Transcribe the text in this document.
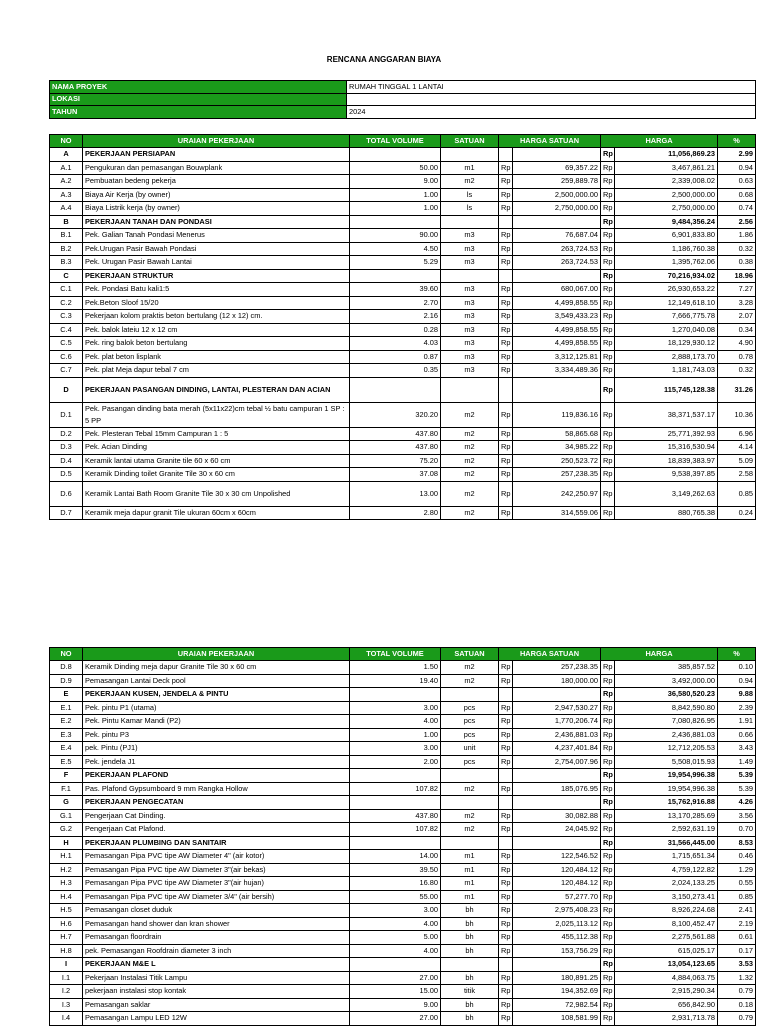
RENCANA ANGGARAN BIAYA
NAMA PROYEK	RUMAH TINGGAL 1 LANTAI
LOKASI	
TAHUN	2024
NO	URAIAN PEKERJAAN	TOTAL VOLUME	SATUAN	HARGA SATUAN		HARGA		%
A	PEKERJAAN PERSIAPAN					Rp	11,056,869.23	2.99
A.1	Pengukuran dan pemasangan Bouwplank	50.00	m1	Rp	69,357.22	Rp	3,467,861.21	0.94
A.2	Pembuatan bedeng pekerja	9.00	m2	Rp	259,889.78	Rp	2,339,008.02	0.63
A.3	Biaya Air Kerja (by owner)	1.00	ls	Rp	2,500,000.00	Rp	2,500,000.00	0.68
A.4	Biaya Listrik kerja (by owner)	1.00	ls	Rp	2,750,000.00	Rp	2,750,000.00	0.74
B	PEKERJAAN TANAH DAN PONDASI					Rp	9,484,356.24	2.56
B.1	Pek. Galian Tanah Pondasi Menerus	90.00	m3	Rp	76,687.04	Rp	6,901,833.80	1.86
B.2	Pek.Urugan Pasir Bawah Pondasi	4.50	m3	Rp	263,724.53	Rp	1,186,760.38	0.32
B.3	Pek. Urugan Pasir Bawah Lantai	5.29	m3	Rp	263,724.53	Rp	1,395,762.06	0.38
C	PEKERJAAN STRUKTUR					Rp	70,216,934.02	18.96
C.1	Pek. Pondasi Batu kali1:5	39.60	m3	Rp	680,067.00	Rp	26,930,653.22	7.27
C.2	Pek.Beton Sloof 15/20	2.70	m3	Rp	4,499,858.55	Rp	12,149,618.10	3.28
C.3	Pekerjaan kolom praktis beton bertulang (12 x 12) cm.	2.16	m3	Rp	3,549,433.23	Rp	7,666,775.78	2.07
C.4	Pek. balok lateiu 12 x 12 cm	0.28	m3	Rp	4,499,858.55	Rp	1,270,040.08	0.34
C.5	Pek. ring balok beton bertulang	4.03	m3	Rp	4,499,858.55	Rp	18,129,930.12	4.90
C.6	Pek. plat beton lisplank	0.87	m3	Rp	3,312,125.81	Rp	2,888,173.70	0.78
C.7	Pek. plat Meja dapur tebal 7 cm	0.35	m3	Rp	3,334,489.36	Rp	1,181,743.03	0.32
D	PEKERJAAN PASANGAN DINDING, LANTAI, PLESTERAN DAN ACIAN					Rp	115,745,128.38	31.26
D.1	Pek. Pasangan dinding bata merah (5x11x22)cm tebal ½ batu campuran 1 SP : 5 PP	320.20	m2	Rp	119,836.16	Rp	38,371,537.17	10.36
D.2	Pek. Plesteran Tebal 15mm Campuran 1 : 5	437.80	m2	Rp	58,865.68	Rp	25,771,392.93	6.96
D.3	Pek. Acian Dinding	437.80	m2	Rp	34,985.22	Rp	15,316,530.94	4.14
D.4	Keramik lantai utama Granite tile 60 x 60 cm	75.20	m2	Rp	250,523.72	Rp	18,839,383.97	5.09
D.5	Keramik Dinding toilet Granite Tile 30 x 60 cm	37.08	m2	Rp	257,238.35	Rp	9,538,397.85	2.58
D.6	Keramik Lantai Bath Room Granite Tile 30 x 30 cm Unpolished	13.00	m2	Rp	242,250.97	Rp	3,149,262.63	0.85
D.7	Keramik meja dapur granit Tile ukuran 60cm x 60cm	2.80	m2	Rp	314,559.06	Rp	880,765.38	0.24
NO	URAIAN PEKERJAAN	TOTAL VOLUME	SATUAN	HARGA SATUAN		HARGA		%
D.8	Keramik Dinding meja dapur Granite Tile 30 x 60 cm	1.50	m2	Rp	257,238.35	Rp	385,857.52	0.10
D.9	Pemasangan Lantai Deck pool	19.40	m2	Rp	180,000.00	Rp	3,492,000.00	0.94
E	PEKERJAAN KUSEN, JENDELA & PINTU					Rp	36,580,520.23	9.88
E.1	Pek. pintu P1 (utama)	3.00	pcs	Rp	2,947,530.27	Rp	8,842,590.80	2.39
E.2	Pek. Pintu Kamar Mandi (P2)	4.00	pcs	Rp	1,770,206.74	Rp	7,080,826.95	1.91
E.3	Pek. pintu P3	1.00	pcs	Rp	2,436,881.03	Rp	2,436,881.03	0.66
E.4	pek. Pintu (PJ1)	3.00	unit	Rp	4,237,401.84	Rp	12,712,205.53	3.43
E.5	Pek. jendela J1	2.00	pcs	Rp	2,754,007.96	Rp	5,508,015.93	1.49
F	PEKERJAAN PLAFOND					Rp	19,954,996.38	5.39
F.1	Pas. Plafond Gypsumboard 9 mm Rangka Hollow	107.82	m2	Rp	185,076.95	Rp	19,954,996.38	5.39
G	PEKERJAAN PENGECATAN					Rp	15,762,916.88	4.26
G.1	Pengerjaan Cat Dinding.	437.80	m2	Rp	30,082.88	Rp	13,170,285.69	3.56
G.2	Pengerjaan Cat Plafond.	107.82	m2	Rp	24,045.92	Rp	2,592,631.19	0.70
H	PEKERJAAN PLUMBING DAN SANITAIR					Rp	31,566,445.00	8.53
H.1	Pemasangan Pipa PVC tipe AW Diameter 4" (air kotor)	14.00	m1	Rp	122,546.52	Rp	1,715,651.34	0.46
H.2	Pemasangan Pipa PVC tipe AW Diameter 3"(air bekas)	39.50	m1	Rp	120,484.12	Rp	4,759,122.82	1.29
H.3	Pemasangan Pipa PVC tipe AW Diameter 3"(air hujan)	16.80	m1	Rp	120,484.12	Rp	2,024,133.25	0.55
H.4	Pemasangan Pipa PVC tipe AW Diameter 3/4" (air bersih)	55.00	m1	Rp	57,277.70	Rp	3,150,273.41	0.85
H.5	Pemasangan closet duduk	3.00	bh	Rp	2,975,408.23	Rp	8,926,224.68	2.41
H.6	Pemasangan hand shower dan kran shower	4.00	bh	Rp	2,025,113.12	Rp	8,100,452.47	2.19
H.7	Pemasangan floordrain	5.00	bh	Rp	455,112.38	Rp	2,275,561.88	0.61
H.8	pek. Pemasangan Roofdrain diameter 3 inch	4.00	bh	Rp	153,756.29	Rp	615,025.17	0.17
I	PEKERJAAN M&E L					Rp	13,054,123.65	3.53
I.1	Pekerjaan Instalasi Titik Lampu	27.00	bh	Rp	180,891.25	Rp	4,884,063.75	1.32
I.2	pekerjaan instalasi stop kontak	15.00	titik	Rp	194,352.69	Rp	2,915,290.34	0.79
I.3	Pemasangan saklar	9.00	bh	Rp	72,982.54	Rp	656,842.90	0.18
I.4	Pemasangan Lampu LED 12W	27.00	bh	Rp	108,581.99	Rp	2,931,713.78	0.79
